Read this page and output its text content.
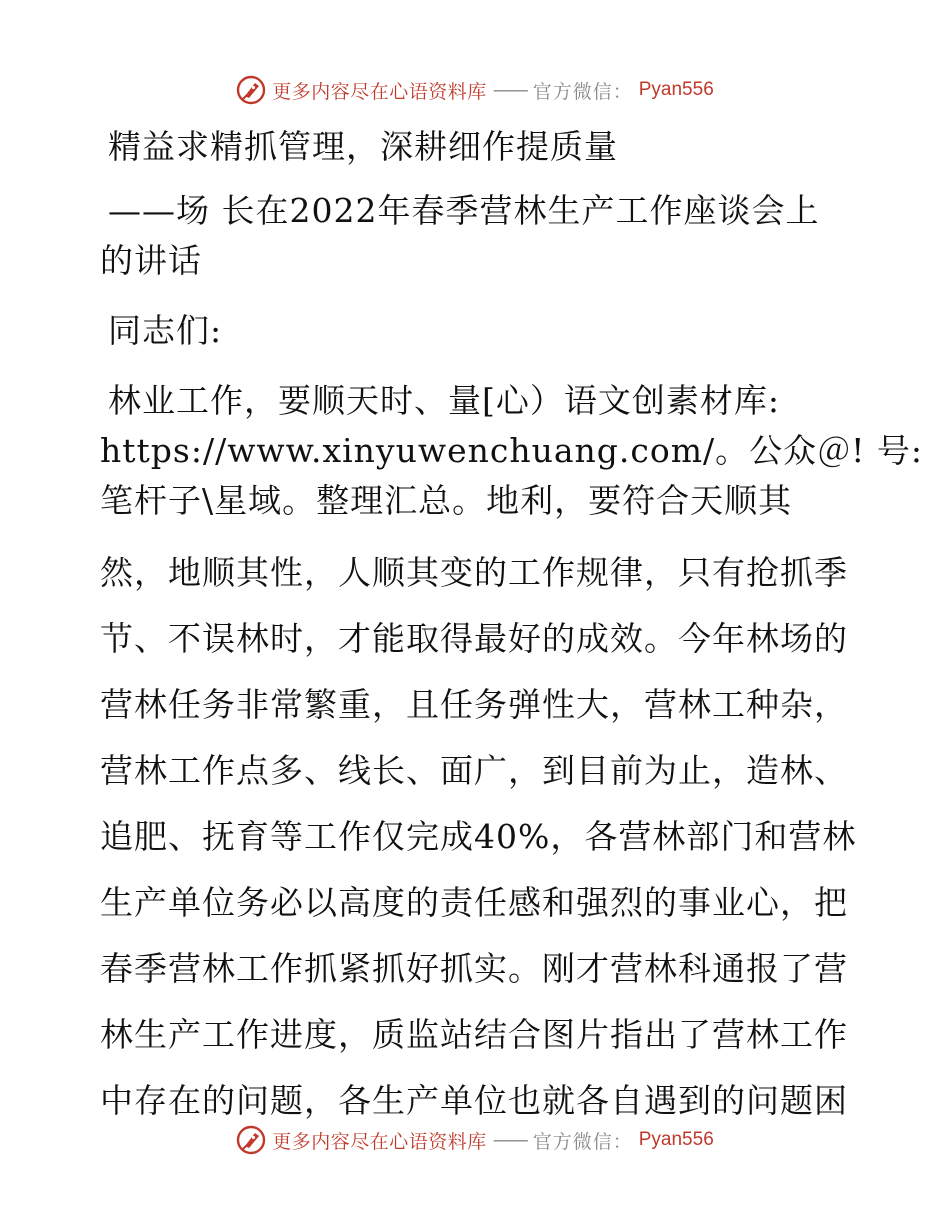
更多内容尽在心语资料库 —— 官方微信： Pyan556
精益求精抓管理，深耕细作提质量
——场 长在2022年春季营林生产工作座谈会上
的讲话
同志们:
林业工作，要顺天时、量[心）语文创素材库:
https://www.xinyuwenchuang.com/。公众＠! 号:
笔杆子\星域。整理汇总。地利，要符合天顺其
然，地顺其性，人顺其变的工作规律，只有抢抓季
节、不误林时，才能取得最好的成效。今年林场的
营林任务非常繁重，且任务弹性大，营林工种杂，
营林工作点多、线长、面广，到目前为止，造林、
追肥、抚育等工作仅完成40%，各营林部门和营林
生产单位务必以高度的责任感和强烈的事业心，把
春季营林工作抓紧抓好抓实。刚才营林科通报了营
林生产工作进度，质监站结合图片指出了营林工作
中存在的问题，各生产单位也就各自遇到的问题困
更多内容尽在心语资料库 —— 官方微信： Pyan556
